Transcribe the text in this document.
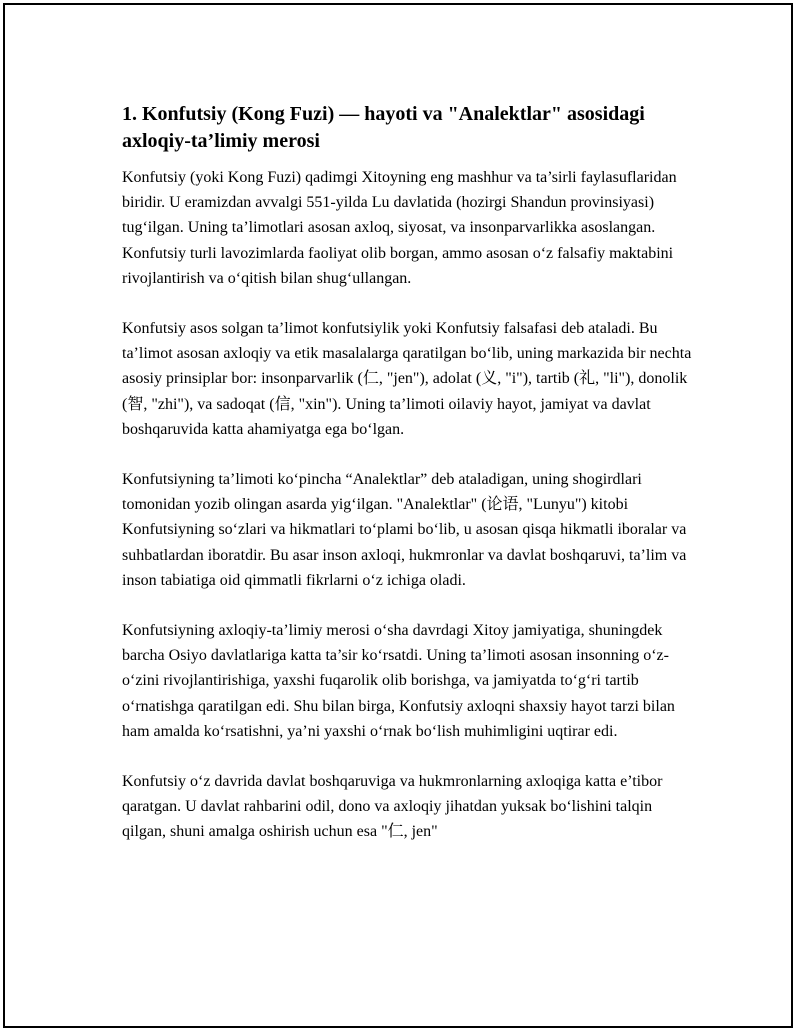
1. Konfutsiy (Kong Fuzi) — hayoti va "Analektlar" asosidagi axloqiy-ta’limiy merosi

Konfutsiy (yoki Kong Fuzi) qadimgi Xitoyning eng mashhur va ta’sirli faylasuflaridan biridir. U eramizdan avvalgi 551-yilda Lu davlatida (hozirgi Shandun provinsiyasi) tug‘ilgan. Uning ta’limotlari asosan axloq, siyosat, va insonparvarlikka asoslangan. Konfutsiy turli lavozimlarda faoliyat olib borgan, ammo asosan o‘z falsafiy maktabini rivojlantirish va o‘qitish bilan shug‘ullangan.

Konfutsiy asos solgan ta’limot konfutsiylik yoki Konfutsiy falsafasi deb ataladi. Bu ta’limot asosan axloqiy va etik masalalarga qaratilgan bo‘lib, uning markazida bir nechta asosiy prinsiplar bor: insonparvarlik (仁, "jen"), adolat (义, "i"), tartib (礼, "li"), donolik (智, "zhi"), va sadoqat (信, "xin"). Uning ta’limoti oilaviy hayot, jamiyat va davlat boshqaruvida katta ahamiyatga ega bo‘lgan.

Konfutsiyning ta’limoti ko‘pincha “Analektlar” deb ataladigan, uning shogirdlari tomonidan yozib olingan asarda yig‘ilgan. "Analektlar" (论语, "Lunyu") kitobi Konfutsiyning so‘zlari va hikmatlari to‘plami bo‘lib, u asosan qisqa hikmatli iboralar va suhbatlardan iboratdir. Bu asar inson axloqi, hukmronlar va davlat boshqaruvi, ta’lim va inson tabiatiga oid qimmatli fikrlarni o‘z ichiga oladi.

Konfutsiyning axloqiy-ta’limiy merosi o‘sha davrdagi Xitoy jamiyatiga, shuningdek barcha Osiyo davlatlariga katta ta’sir ko‘rsatdi. Uning ta’limoti asosan insonning o‘z-o‘zini rivojlantirishiga, yaxshi fuqarolik olib borishga, va jamiyatda to‘g‘ri tartib o‘rnatishga qaratilgan edi. Shu bilan birga, Konfutsiy axloqni shaxsiy hayot tarzi bilan ham amalda ko‘rsatishni, ya’ni yaxshi o‘rnak bo‘lish muhimligini uqtirar edi.

Konfutsiy o‘z davrida davlat boshqaruviga va hukmronlarning axloqiga katta e’tibor qaratgan. U davlat rahbarini odil, dono va axloqiy jihatdan yuksak bo‘lishini talqin qilgan, shuni amalga oshirish uchun esa "仁, jen"
